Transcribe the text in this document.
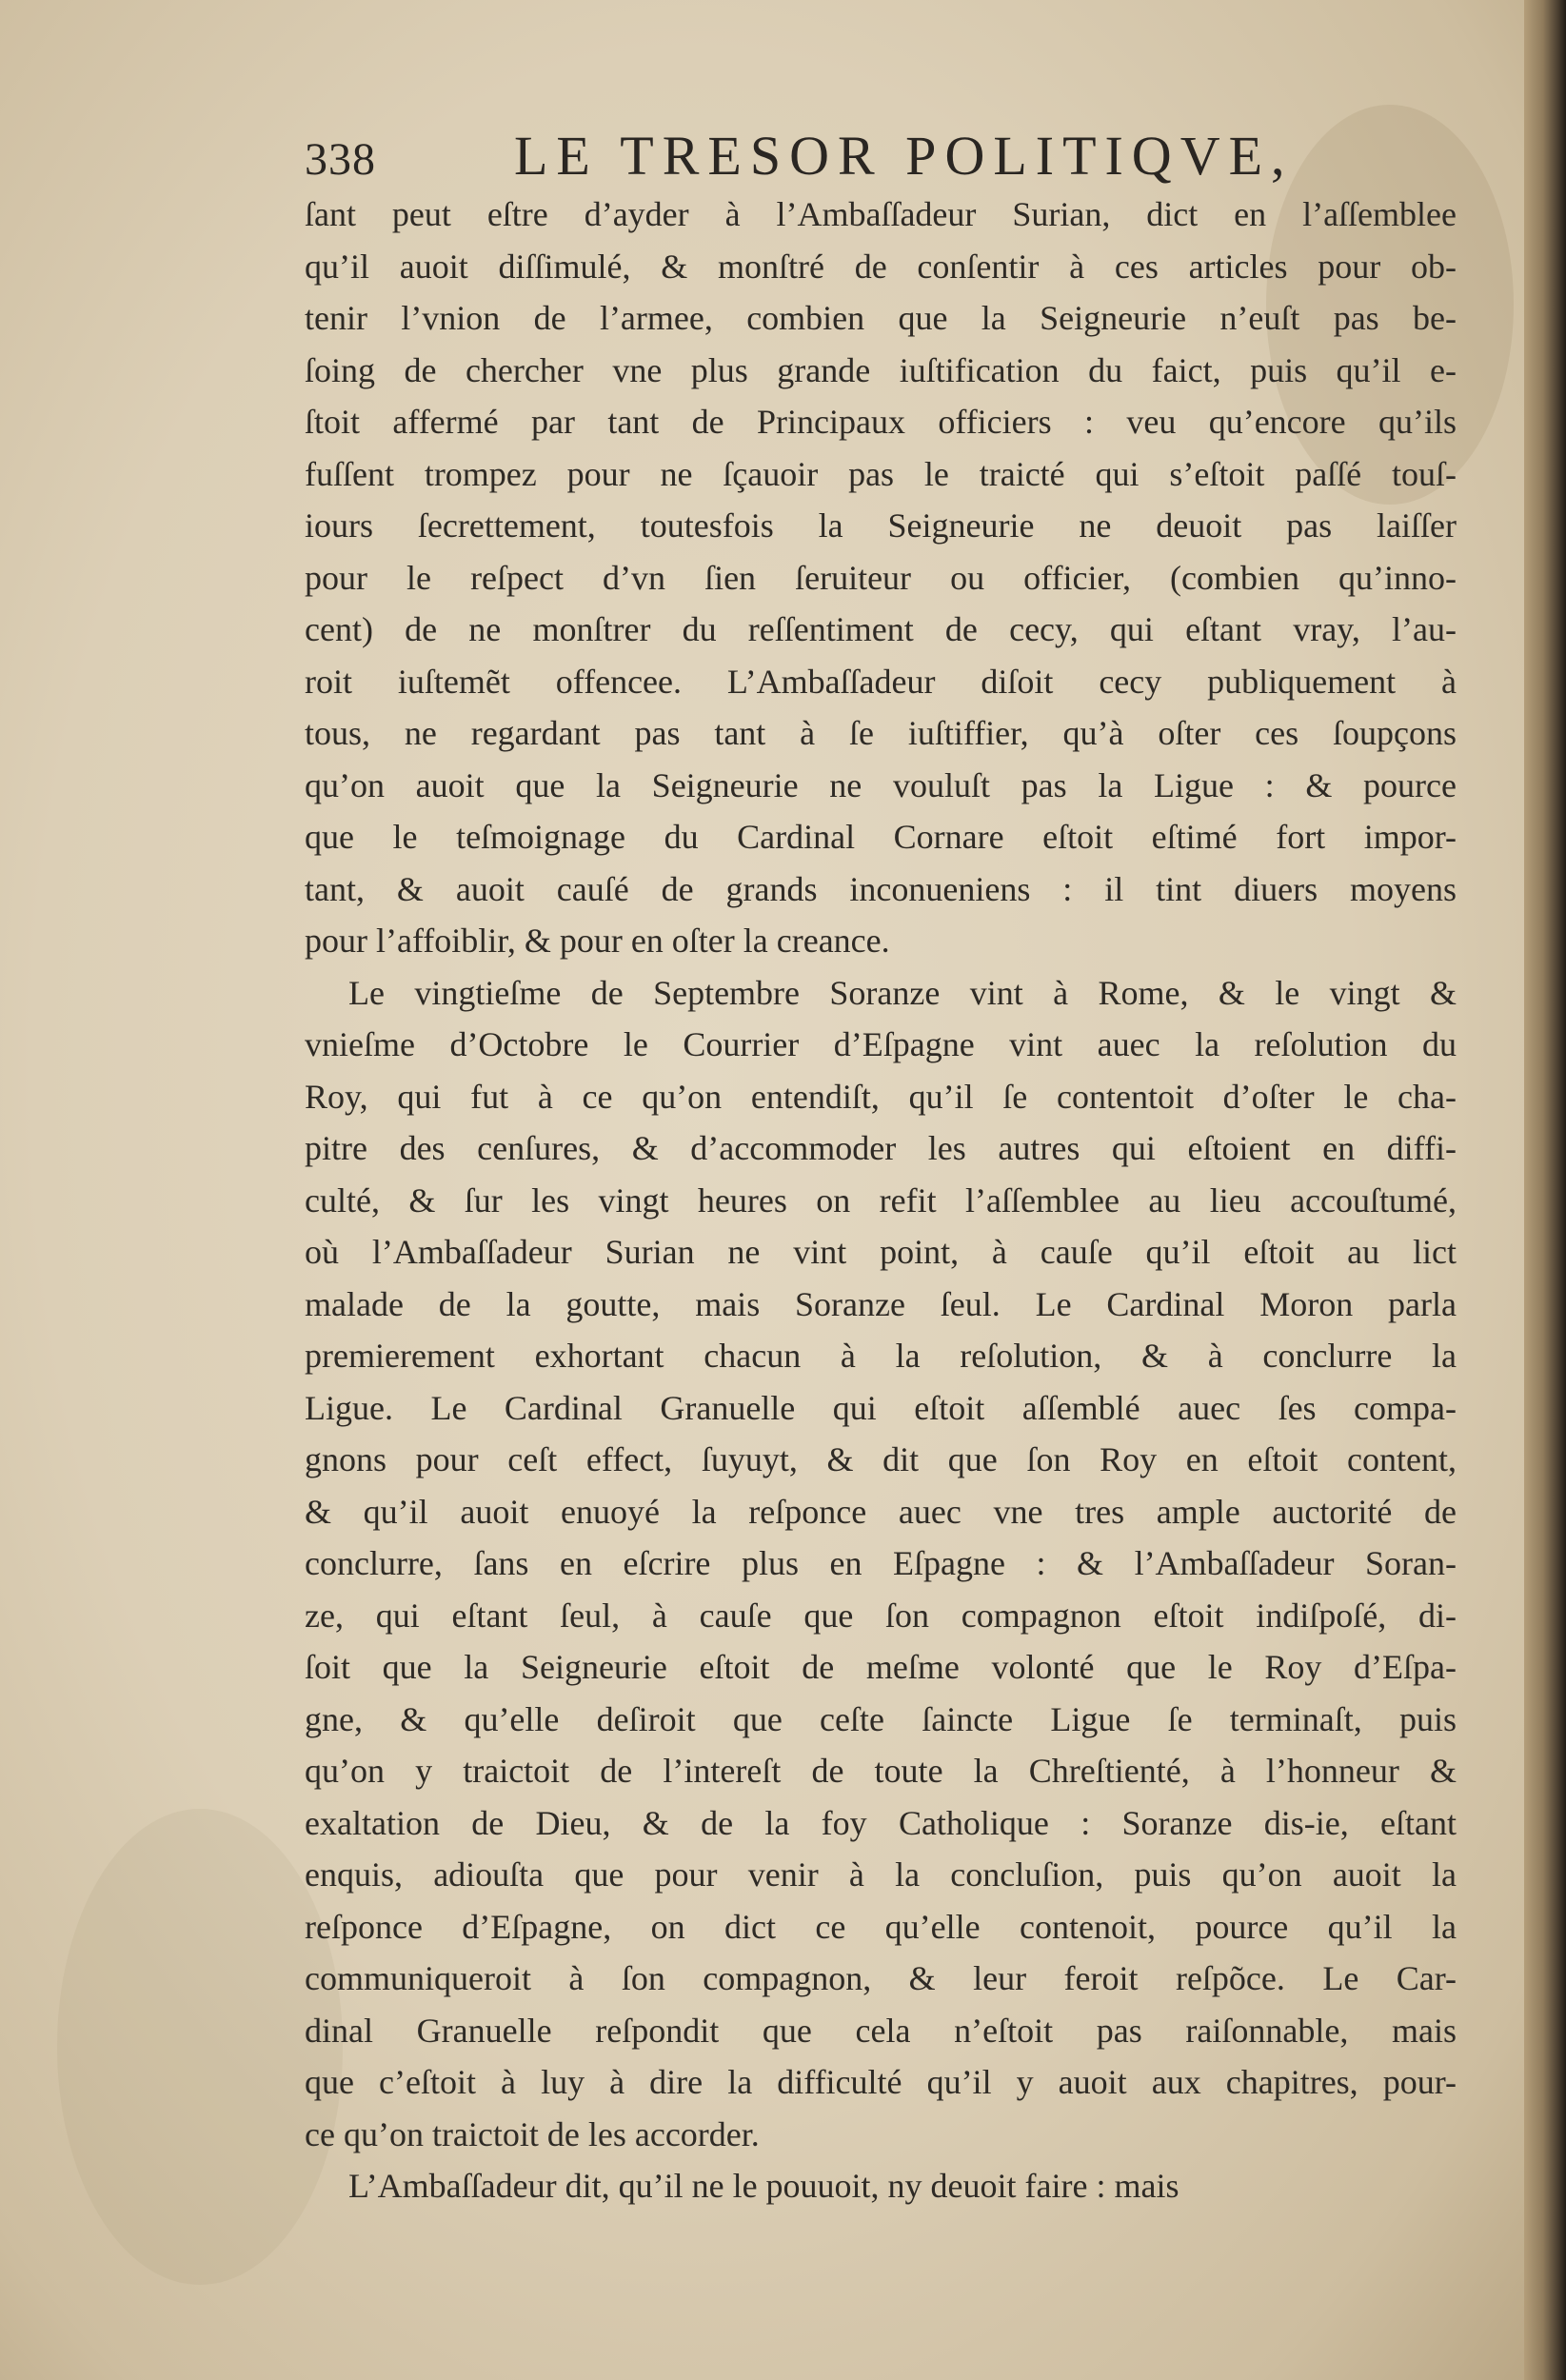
338	LE TRESOR POLITIQVE,
ſant peut eſtre d’ayder à l’Ambaſſadeur Surian, dict en l’aſſemblee
qu’il auoit diſſimulé, & monſtré de conſentir à ces articles pour ob-
tenir l’vnion de l’armee, combien que la Seigneurie n’euſt pas be-
ſoing de chercher vne plus grande iuſtification du faict, puis qu’il e-
ſtoit affermé par tant de Principaux officiers : veu qu’encore qu’ils
fuſſent trompez pour ne ſçauoir pas le traicté qui s’eſtoit paſſé touſ-
iours ſecrettement, toutesfois la Seigneurie ne deuoit pas laiſſer
pour le reſpect d’vn ſien ſeruiteur ou officier, (combien qu’inno-
cent) de ne monſtrer du reſſentiment de cecy, qui eſtant vray, l’au-
roit iuſtemẽt offencee. L’Ambaſſadeur diſoit cecy publiquement à
tous, ne regardant pas tant à ſe iuſtiffier, qu’à oſter ces ſoupçons
qu’on auoit que la Seigneurie ne vouluſt pas la Ligue : & pource
que le teſmoignage du Cardinal Cornare eſtoit eſtimé fort impor-
tant, & auoit cauſé de grands inconueniens : il tint diuers moyens
pour l’affoiblir, & pour en oſter la creance.
Le vingtieſme de Septembre Soranze vint à Rome, & le vingt &
vnieſme d’Octobre le Courrier d’Eſpagne vint auec la reſolution du
Roy, qui fut à ce qu’on entendiſt, qu’il ſe contentoit d’oſter le cha-
pitre des cenſures, & d’accommoder les autres qui eſtoient en diffi-
culté, & ſur les vingt heures on refit l’aſſemblee au lieu accouſtumé,
où l’Ambaſſadeur Surian ne vint point, à cauſe qu’il eſtoit au lict
malade de la goutte, mais Soranze ſeul. Le Cardinal Moron parla
premierement exhortant chacun à la reſolution, & à conclurre la
Ligue. Le Cardinal Granuelle qui eſtoit aſſemblé auec ſes compa-
gnons pour ceſt effect, ſuyuyt, & dit que ſon Roy en eſtoit content,
& qu’il auoit enuoyé la reſponce auec vne tres ample auctorité de
conclurre, ſans en eſcrire plus en Eſpagne : & l’Ambaſſadeur Soran-
ze, qui eſtant ſeul, à cauſe que ſon compagnon eſtoit indiſpoſé, di-
ſoit que la Seigneurie eſtoit de meſme volonté que le Roy d’Eſpa-
gne, & qu’elle deſiroit que ceſte ſaincte Ligue ſe terminaſt, puis
qu’on y traictoit de l’intereſt de toute la Chreſtienté, à l’honneur &
exaltation de Dieu, & de la foy Catholique : Soranze dis-ie, eſtant
enquis, adiouſta que pour venir à la concluſion, puis qu’on auoit la
reſponce d’Eſpagne, on dict ce qu’elle contenoit, pource qu’il la
communiqueroit à ſon compagnon, & leur feroit reſpõce. Le Car-
dinal Granuelle reſpondit que cela n’eſtoit pas raiſonnable, mais
que c’eſtoit à luy à dire la difficulté qu’il y auoit aux chapitres, pour-
ce qu’on traictoit de les accorder.
L’Ambaſſadeur dit, qu’il ne le pouuoit, ny deuoit faire : mais
